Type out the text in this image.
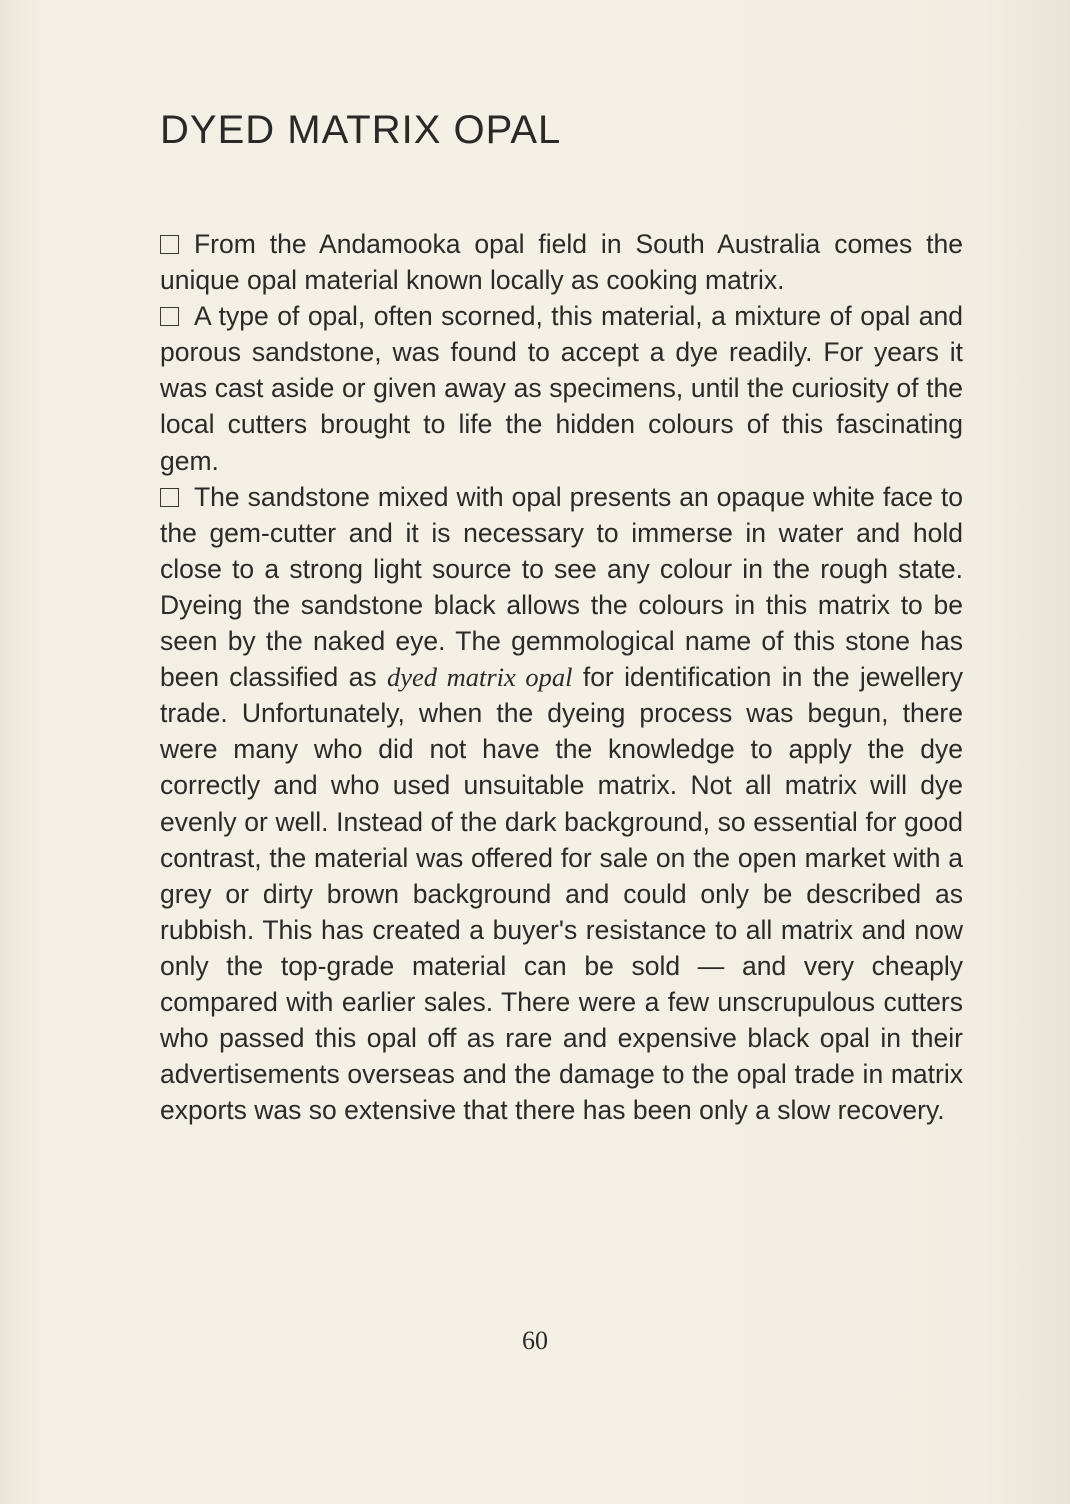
DYED MATRIX OPAL

From the Andamooka opal field in South Australia comes the unique opal material known locally as cooking matrix.

A type of opal, often scorned, this material, a mixture of opal and porous sandstone, was found to accept a dye readily. For years it was cast aside or given away as specimens, until the curiosity of the local cutters brought to life the hidden colours of this fascinating gem.

The sandstone mixed with opal presents an opaque white face to the gem-cutter and it is necessary to immerse in water and hold close to a strong light source to see any colour in the rough state. Dyeing the sandstone black allows the colours in this matrix to be seen by the naked eye. The gemmological name of this stone has been classified as dyed matrix opal for identification in the jewellery trade. Unfortunately, when the dyeing process was begun, there were many who did not have the knowledge to apply the dye correctly and who used unsuitable matrix. Not all matrix will dye evenly or well. Instead of the dark background, so essential for good contrast, the material was offered for sale on the open market with a grey or dirty brown background and could only be described as rubbish. This has created a buyer's resistance to all matrix and now only the top-grade material can be sold — and very cheaply compared with earlier sales. There were a few unscrupulous cutters who passed this opal off as rare and expensive black opal in their advertisements overseas and the damage to the opal trade in matrix exports was so extensive that there has been only a slow recovery.

60
